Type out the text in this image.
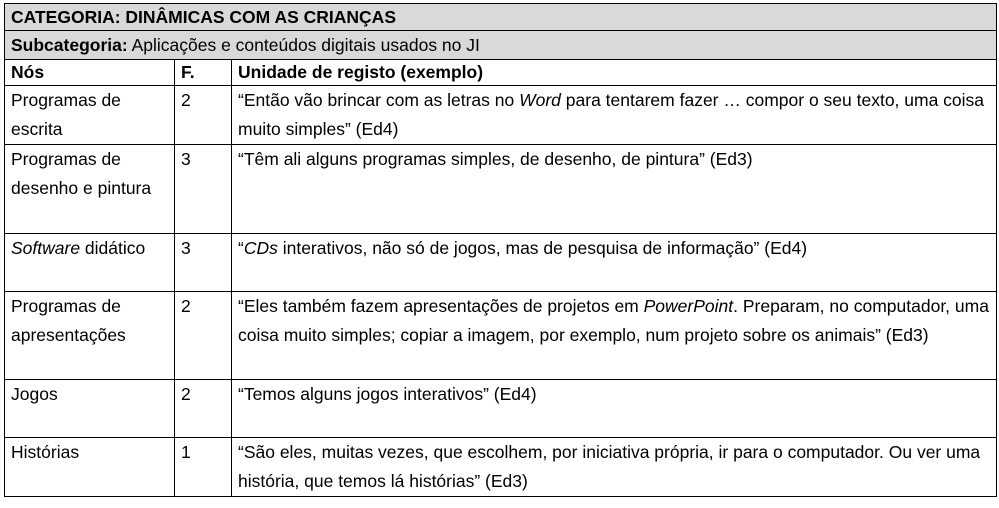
CATEGORIA: DINÂMICAS COM AS CRIANÇAS		
Subcategoria: Aplicações e conteúdos digitais usados no JI		
Nós	F.	Unidade de registo (exemplo)
Programas de escrita	2	“Então vão brincar com as letras no Word para tentarem fazer … compor o seu texto, uma coisa muito simples” (Ed4)
Programas de desenho e pintura	3	“Têm ali alguns programas simples, de desenho, de pintura” (Ed3)
Software didático	3	“CDs interativos, não só de jogos, mas de pesquisa de informação” (Ed4)
Programas de apresentações	2	“Eles também fazem apresentações de projetos em PowerPoint. Preparam, no computador, uma coisa muito simples; copiar a imagem, por exemplo, num projeto sobre os animais” (Ed3)
Jogos	2	“Temos alguns jogos interativos” (Ed4)
Histórias	1	“São eles, muitas vezes, que escolhem, por iniciativa própria, ir para o computador. Ou ver uma história, que temos lá histórias” (Ed3)
